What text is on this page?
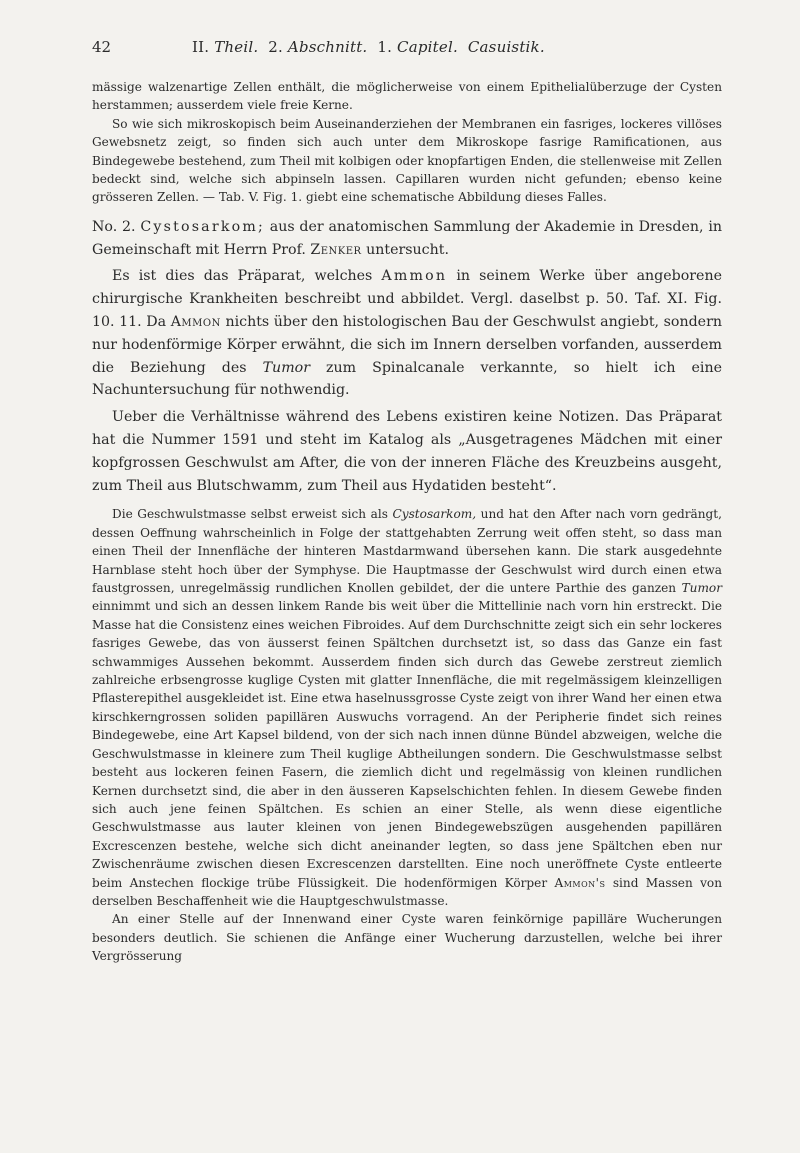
42	II. Theil. 2. Abschnitt. 1. Capitel. Casuistik.

mässige walzenartige Zellen enthält, die möglicherweise von einem Epithelialüberzuge der Cysten herstammen; ausserdem viele freie Kerne.

So wie sich mikroskopisch beim Auseinanderziehen der Membranen ein fasriges, lockeres villöses Gewebsnetz zeigt, so finden sich auch unter dem Mikroskope fasrige Ramificationen, aus Bindegewebe bestehend, zum Theil mit kolbigen oder knopfartigen Enden, die stellenweise mit Zellen bedeckt sind, welche sich abpinseln lassen. Capillaren wurden nicht gefunden; ebenso keine grösseren Zellen. — Tab. V. Fig. 1. giebt eine schematische Abbildung dieses Falles.

No. 2. Cystosarkom; aus der anatomischen Sammlung der Akademie in Dresden, in Gemeinschaft mit Herrn Prof. Zenker untersucht.

Es ist dies das Präparat, welches Ammon in seinem Werke über angeborene chirurgische Krankheiten beschreibt und abbildet. Vergl. daselbst p. 50. Taf. XI. Fig. 10. 11. Da Ammon nichts über den histologischen Bau der Geschwulst angiebt, sondern nur hodenförmige Körper erwähnt, die sich im Innern derselben vorfanden, ausserdem die Beziehung des Tumor zum Spinalcanale verkannte, so hielt ich eine Nachuntersuchung für nothwendig.

Ueber die Verhältnisse während des Lebens existiren keine Notizen. Das Präparat hat die Nummer 1591 und steht im Katalog als „Ausgetragenes Mädchen mit einer kopfgrossen Geschwulst am After, die von der inneren Fläche des Kreuzbeins ausgeht, zum Theil aus Blutschwamm, zum Theil aus Hydatiden besteht“.

Die Geschwulstmasse selbst erweist sich als Cystosarkom, und hat den After nach vorn gedrängt, dessen Oeffnung wahrscheinlich in Folge der stattgehabten Zerrung weit offen steht, so dass man einen Theil der Innenfläche der hinteren Mastdarmwand übersehen kann. Die stark ausgedehnte Harnblase steht hoch über der Symphyse. Die Hauptmasse der Geschwulst wird durch einen etwa faustgrossen, unregelmässig rundlichen Knollen gebildet, der die untere Parthie des ganzen Tumor einnimmt und sich an dessen linkem Rande bis weit über die Mittellinie nach vorn hin erstreckt. Die Masse hat die Consistenz eines weichen Fibroides. Auf dem Durchschnitte zeigt sich ein sehr lockeres fasriges Gewebe, das von äusserst feinen Spältchen durchsetzt ist, so dass das Ganze ein fast schwammiges Aussehen bekommt. Ausserdem finden sich durch das Gewebe zerstreut ziemlich zahlreiche erbsengrosse kuglige Cysten mit glatter Innenfläche, die mit regelmässigem kleinzelligen Pflasterepithel ausgekleidet ist. Eine etwa haselnussgrosse Cyste zeigt von ihrer Wand her einen etwa kirschkerngrossen soliden papillären Auswuchs vorragend. An der Peripherie findet sich reines Bindegewebe, eine Art Kapsel bildend, von der sich nach innen dünne Bündel abzweigen, welche die Geschwulstmasse in kleinere zum Theil kuglige Abtheilungen sondern. Die Geschwulstmasse selbst besteht aus lockeren feinen Fasern, die ziemlich dicht und regelmässig von kleinen rundlichen Kernen durchsetzt sind, die aber in den äusseren Kapselschichten fehlen. In diesem Gewebe finden sich auch jene feinen Spältchen. Es schien an einer Stelle, als wenn diese eigentliche Geschwulstmasse aus lauter kleinen von jenen Bindegewebszügen ausgehenden papillären Excrescenzen bestehe, welche sich dicht aneinander legten, so dass jene Spältchen eben nur Zwischenräume zwischen diesen Excrescenzen darstellten. Eine noch uneröffnete Cyste entleerte beim Anstechen flockige trübe Flüssigkeit. Die hodenförmigen Körper Ammon's sind Massen von derselben Beschaffenheit wie die Hauptgeschwulstmasse.

An einer Stelle auf der Innenwand einer Cyste waren feinkörnige papilläre Wucherungen besonders deutlich. Sie schienen die Anfänge einer Wucherung darzustellen, welche bei ihrer Vergrösserung
